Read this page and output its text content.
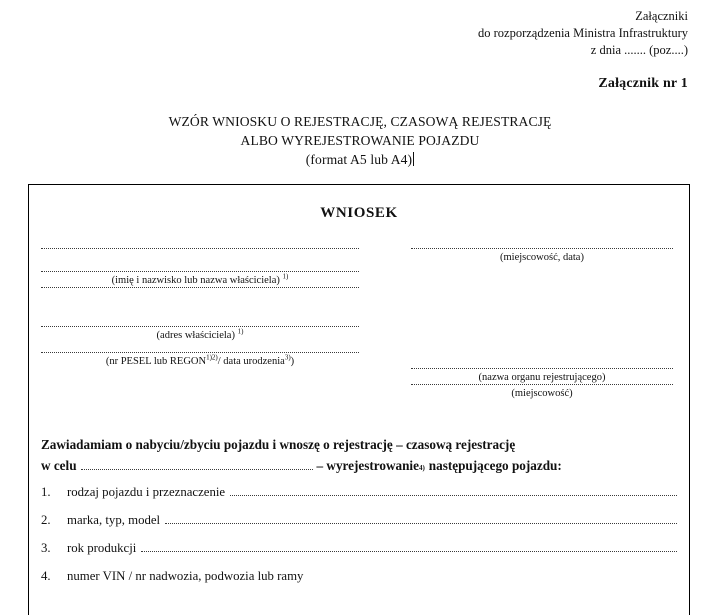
Załączniki
do rozporządzenia Ministra Infrastruktury
z dnia ....... (poz....)
Załącznik nr 1
WZÓR WNIOSKU O REJESTRACJĘ, CZASOWĄ REJESTRACJĘ
ALBO WYREJESTROWANIE POJAZDU
(format A5 lub A4)
WNIOSEK
(imię i nazwisko lub nazwa właściciela) $^{1)}$
(adres właściciela) $^{1)}$
(nr PESEL lub $REGON^{1)2)}/$ data urodzenia$^{3)}$)
(miejscowość, data)
(nazwa organu rejestrującego)
(miejscowość)
Zawiadamiam o nabyciu/zbyciu pojazdu i wnoszę o rejestrację – czasową rejestrację
w celu	– wyrejestrowanie 4) następującego pojazdu:
1.	rodzaj pojazdu i przeznaczenie
2.	marka, typ, model
3.	rok produkcji
4.	numer VIN / nr nadwozia, podwozia lub ramy
